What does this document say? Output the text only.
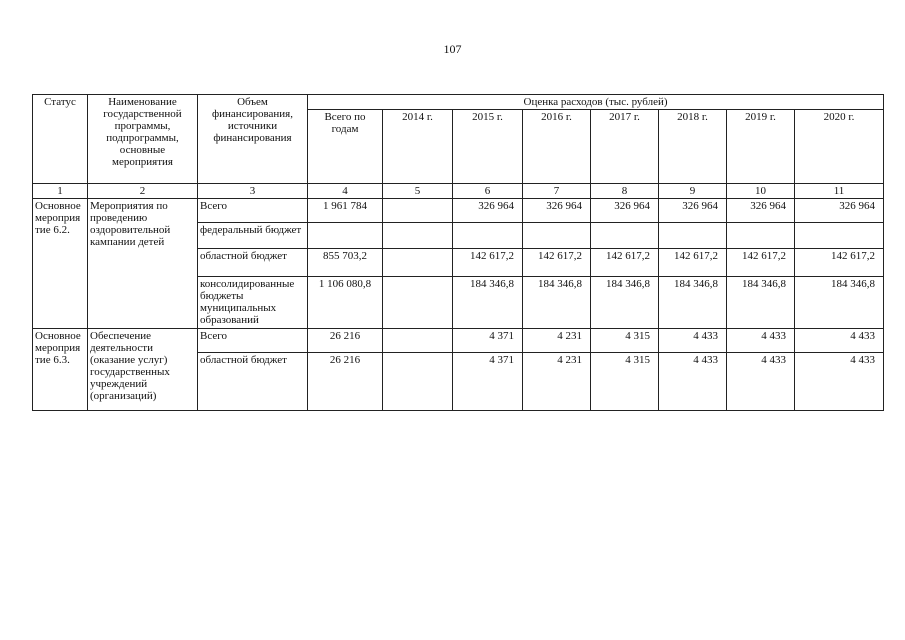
107
Статус	Наименование государственной программы, подпрограммы, основные мероприятия	Объем финансирования, источники финансирования	Оценка расходов (тыс. рублей)							
			Всего по годам	2014 г.	2015 г.	2016 г.	2017 г.	2018 г.	2019 г.	2020 г.
1	2	3	4	5	6	7	8	9	10	11
Основное мероприя тие 6.2.	Мероприятия по проведению оздоровительной кампании детей	Всего	1 961 784		326 964	326 964	326 964	326 964	326 964	326 964
		федеральный бюджет								
		областной бюджет	855 703,2		142 617,2	142 617,2	142 617,2	142 617,2	142 617,2	142 617,2
		консолидированные бюджеты муниципальных образований	1 106 080,8		184 346,8	184 346,8	184 346,8	184 346,8	184 346,8	184 346,8
Основное мероприя тие 6.3.	Обеспечение деятельности (оказание услуг) государственных учреждений (организаций)	Всего	26 216		4 371	4 231	4 315	4 433	4 433	4 433
		областной бюджет	26 216		4 371	4 231	4 315	4 433	4 433	4 433
